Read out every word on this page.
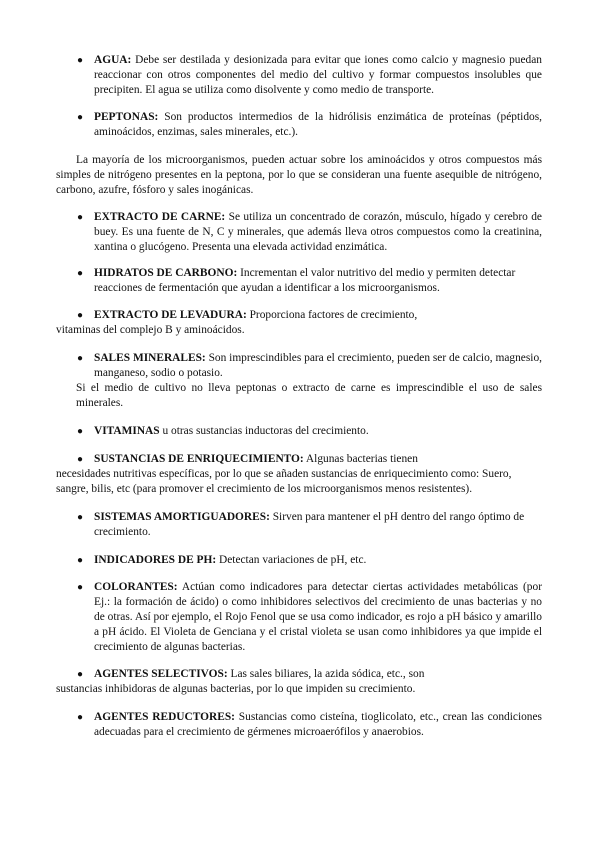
● AGUA: Debe ser destilada y desionizada para evitar que iones como calcio y magnesio puedan reaccionar con otros componentes del medio del cultivo y formar compuestos insolubles que precipiten. El agua se utiliza como disolvente y como medio de transporte.
● PEPTONAS: Son productos intermedios de la hidrólisis enzimática de proteínas (péptidos, aminoácidos, enzimas, sales minerales, etc.).

La mayoría de los microorganismos, pueden actuar sobre los aminoácidos y otros compuestos más simples de nitrógeno presentes en la peptona, por lo que se consideran una fuente asequible de nitrógeno, carbono, azufre, fósforo y sales inogánicas.

● EXTRACTO DE CARNE: Se utiliza un concentrado de corazón, músculo, hígado y cerebro de buey. Es una fuente de N, C y minerales, que además lleva otros compuestos como la creatinina, xantina o glucógeno. Presenta una elevada actividad enzimática.
● HIDRATOS DE CARBONO: Incrementan el valor nutritivo del medio y permiten detectar reacciones de fermentación que ayudan a identificar a los microorganismos.
● EXTRACTO DE LEVADURA: Proporciona factores de crecimiento,
vitaminas del complejo B y aminoácidos.
● SALES MINERALES: Son imprescindibles para el crecimiento, pueden ser de calcio, magnesio, manganeso, sodio o potasio.
Si el medio de cultivo no lleva peptonas o extracto de carne es imprescindible el uso de sales minerales.
● VITAMINAS u otras sustancias inductoras del crecimiento.
● SUSTANCIAS DE ENRIQUECIMIENTO: Algunas bacterias tienen
necesidades nutritivas específicas, por lo que se añaden sustancias de enriquecimiento como: Suero, sangre, bilis, etc (para promover el crecimiento de los microorganismos menos resistentes).
● SISTEMAS AMORTIGUADORES: Sirven para mantener el pH dentro del rango óptimo de crecimiento.
● INDICADORES DE PH: Detectan variaciones de pH, etc.
● COLORANTES: Actúan como indicadores para detectar ciertas actividades metabólicas (por Ej.: la formación de ácido) o como inhibidores selectivos del crecimiento de unas bacterias y no de otras. Así por ejemplo, el Rojo Fenol que se usa como indicador, es rojo a pH básico y amarillo a pH ácido. El Violeta de Genciana y el cristal violeta se usan como inhibidores ya que impide el crecimiento de algunas bacterias.
● AGENTES SELECTIVOS: Las sales biliares, la azida sódica, etc., son
sustancias inhibidoras de algunas bacterias, por lo que impiden su crecimiento.
● AGENTES REDUCTORES: Sustancias como cisteína, tioglicolato, etc., crean las condiciones adecuadas para el crecimiento de gérmenes microaerófilos y anaerobios.
